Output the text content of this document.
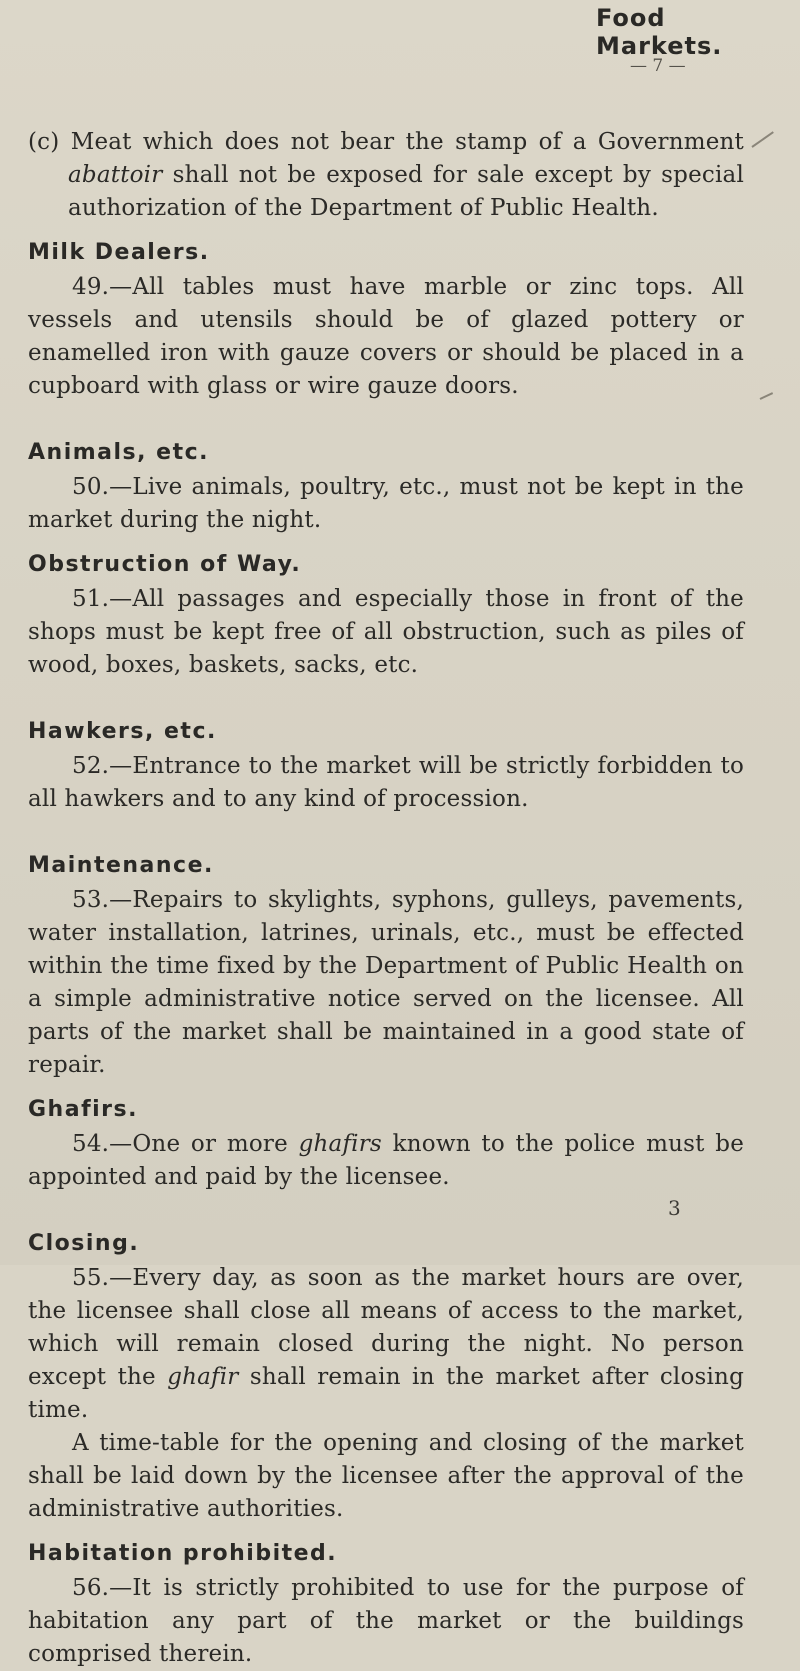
Food Markets.
— 7 —

(c) Meat which does not bear the stamp of a Government abattoir shall not be exposed for sale except by special authorization of the Department of Public Health.

Milk Dealers.

49.—All tables must have marble or zinc tops. All vessels and utensils should be of glazed pottery or enamelled iron with gauze covers or should be placed in a cupboard with glass or wire gauze doors.

Animals, etc.

50.—Live animals, poultry, etc., must not be kept in the market during the night.

Obstruction of Way.

51.—All passages and especially those in front of the shops must be kept free of all obstruction, such as piles of wood, boxes, baskets, sacks, etc.

Hawkers, etc.

52.—Entrance to the market will be strictly forbidden to all hawkers and to any kind of procession.

Maintenance.

53.—Repairs to skylights, syphons, gulleys, pavements, water installation, latrines, urinals, etc., must be effected within the time fixed by the Department of Public Health on a simple administrative notice served on the licensee. All parts of the market shall be maintained in a good state of repair.

Ghafirs.

54.—One or more ghafirs known to the police must be appointed and paid by the licensee.

Closing.

55.—Every day, as soon as the market hours are over, the licensee shall close all means of access to the market, which will remain closed during the night. No person except the ghafir shall remain in the market after closing time.

A time-table for the opening and closing of the market shall be laid down by the licensee after the approval of the administrative authorities.

Habitation prohibited.

56.—It is strictly prohibited to use for the purpose of habitation any part of the market or the buildings comprised therein.

3
